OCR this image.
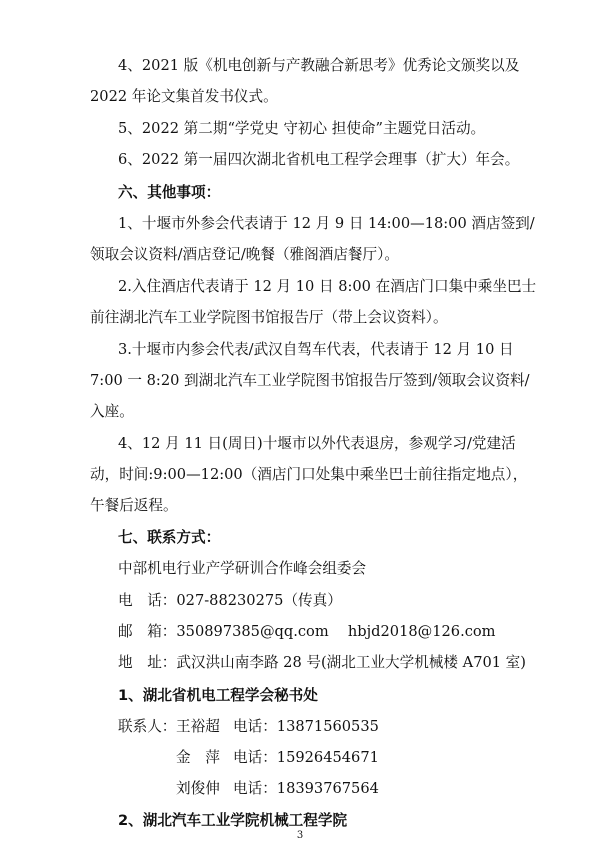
4、2021 版《机电创新与产教融合新思考》优秀论文颁奖以及
2022 年论文集首发书仪式。
5、2022 第二期“学党史 守初心 担使命”主题党日活动。
6、2022 第一届四次湖北省机电工程学会理事（扩大）年会。
六、其他事项：
1、十堰市外参会代表请于 12 月 9 日 14:00—18:00 酒店签到/
领取会议资料/酒店登记/晚餐（雅阁酒店餐厅）。
2.入住酒店代表请于 12 月 10 日 8:00 在酒店门口集中乘坐巴士
前往湖北汽车工业学院图书馆报告厅（带上会议资料）。
3.十堰市内参会代表/武汉自驾车代表，代表请于 12 月 10 日
7:00 一 8:20 到湖北汽车工业学院图书馆报告厅签到/领取会议资料/
入座。
4、12 月 11 日(周日)十堰市以外代表退房，参观学习/党建活
动，时间:9:00—12:00（酒店门口处集中乘坐巴士前往指定地点），
午餐后返程。
七、联系方式：
中部机电行业产学研训合作峰会组委会
电　话：027-88230275（传真）
邮　箱：350897385@qq.com　 hbjd2018@126.com
地　址：武汉洪山南李路 28 号(湖北工业大学机械楼 A701 室)
1、湖北省机电工程学会秘书处
联系人： 王裕超 电话：13871560535
金　萍 电话：15926454671
刘俊伸 电话：18393767564
2、湖北汽车工业学院机械工程学院
3
